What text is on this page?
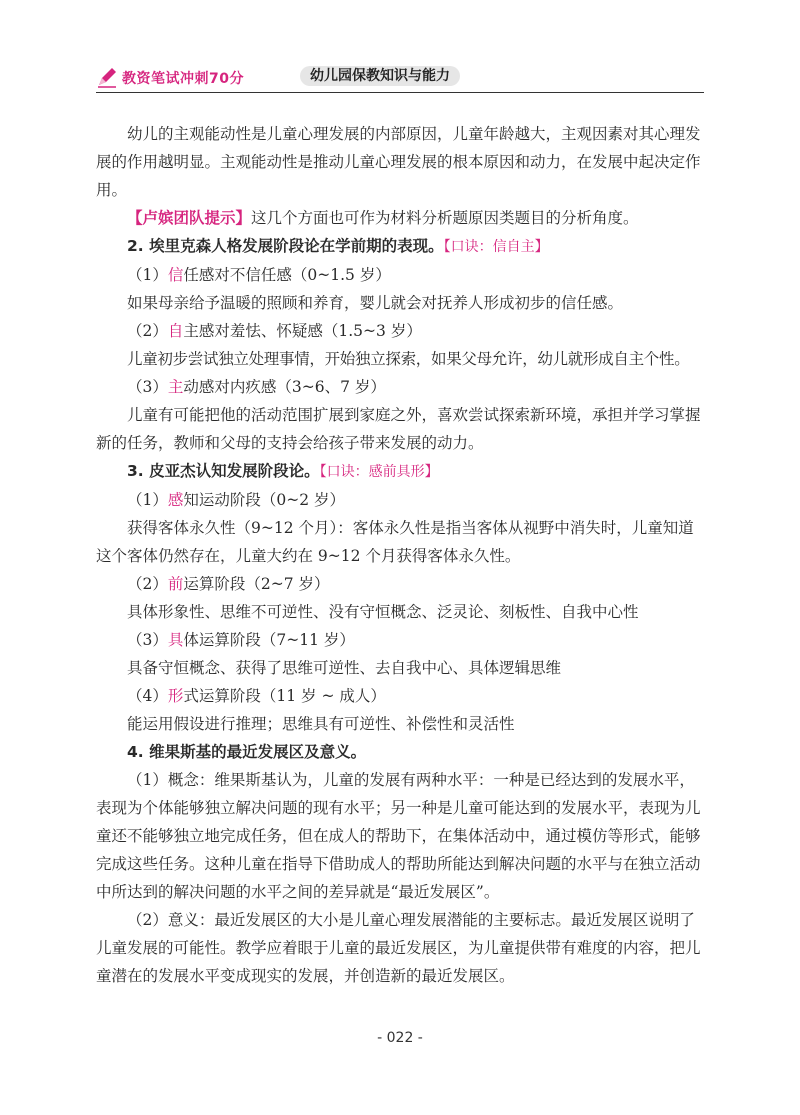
教资笔试冲刺70分	幼儿园保教知识与能力

幼儿的主观能动性是儿童心理发展的内部原因，儿童年龄越大，主观因素对其心理发展的作用越明显。主观能动性是推动儿童心理发展的根本原因和动力，在发展中起决定作用。

【卢嫔团队提示】这几个方面也可作为材料分析题原因类题目的分析角度。

2. 埃里克森人格发展阶段论在学前期的表现。【口诀：信自主】

（1）信任感对不信任感（0~1.5 岁）

如果母亲给予温暖的照顾和养育，婴儿就会对抚养人形成初步的信任感。

（2）自主感对羞怯、怀疑感（1.5~3 岁）

儿童初步尝试独立处理事情，开始独立探索，如果父母允许，幼儿就形成自主个性。

（3）主动感对内疚感（3~6、7 岁）

儿童有可能把他的活动范围扩展到家庭之外，喜欢尝试探索新环境，承担并学习掌握新的任务，教师和父母的支持会给孩子带来发展的动力。

3. 皮亚杰认知发展阶段论。【口诀：感前具形】

（1）感知运动阶段（0~2 岁）

获得客体永久性（9~12 个月）：客体永久性是指当客体从视野中消失时，儿童知道这个客体仍然存在，儿童大约在 9~12 个月获得客体永久性。

（2）前运算阶段（2~7 岁）

具体形象性、思维不可逆性、没有守恒概念、泛灵论、刻板性、自我中心性

（3）具体运算阶段（7~11 岁）

具备守恒概念、获得了思维可逆性、去自我中心、具体逻辑思维

（4）形式运算阶段（11 岁 ~ 成人）

能运用假设进行推理；思维具有可逆性、补偿性和灵活性

4. 维果斯基的最近发展区及意义。

（1）概念：维果斯基认为，儿童的发展有两种水平：一种是已经达到的发展水平，表现为个体能够独立解决问题的现有水平；另一种是儿童可能达到的发展水平，表现为儿童还不能够独立地完成任务，但在成人的帮助下，在集体活动中，通过模仿等形式，能够完成这些任务。这种儿童在指导下借助成人的帮助所能达到解决问题的水平与在独立活动中所达到的解决问题的水平之间的差异就是“最近发展区”。

（2）意义：最近发展区的大小是儿童心理发展潜能的主要标志。最近发展区说明了儿童发展的可能性。教学应着眼于儿童的最近发展区，为儿童提供带有难度的内容，把儿童潜在的发展水平变成现实的发展，并创造新的最近发展区。

- 022 -
